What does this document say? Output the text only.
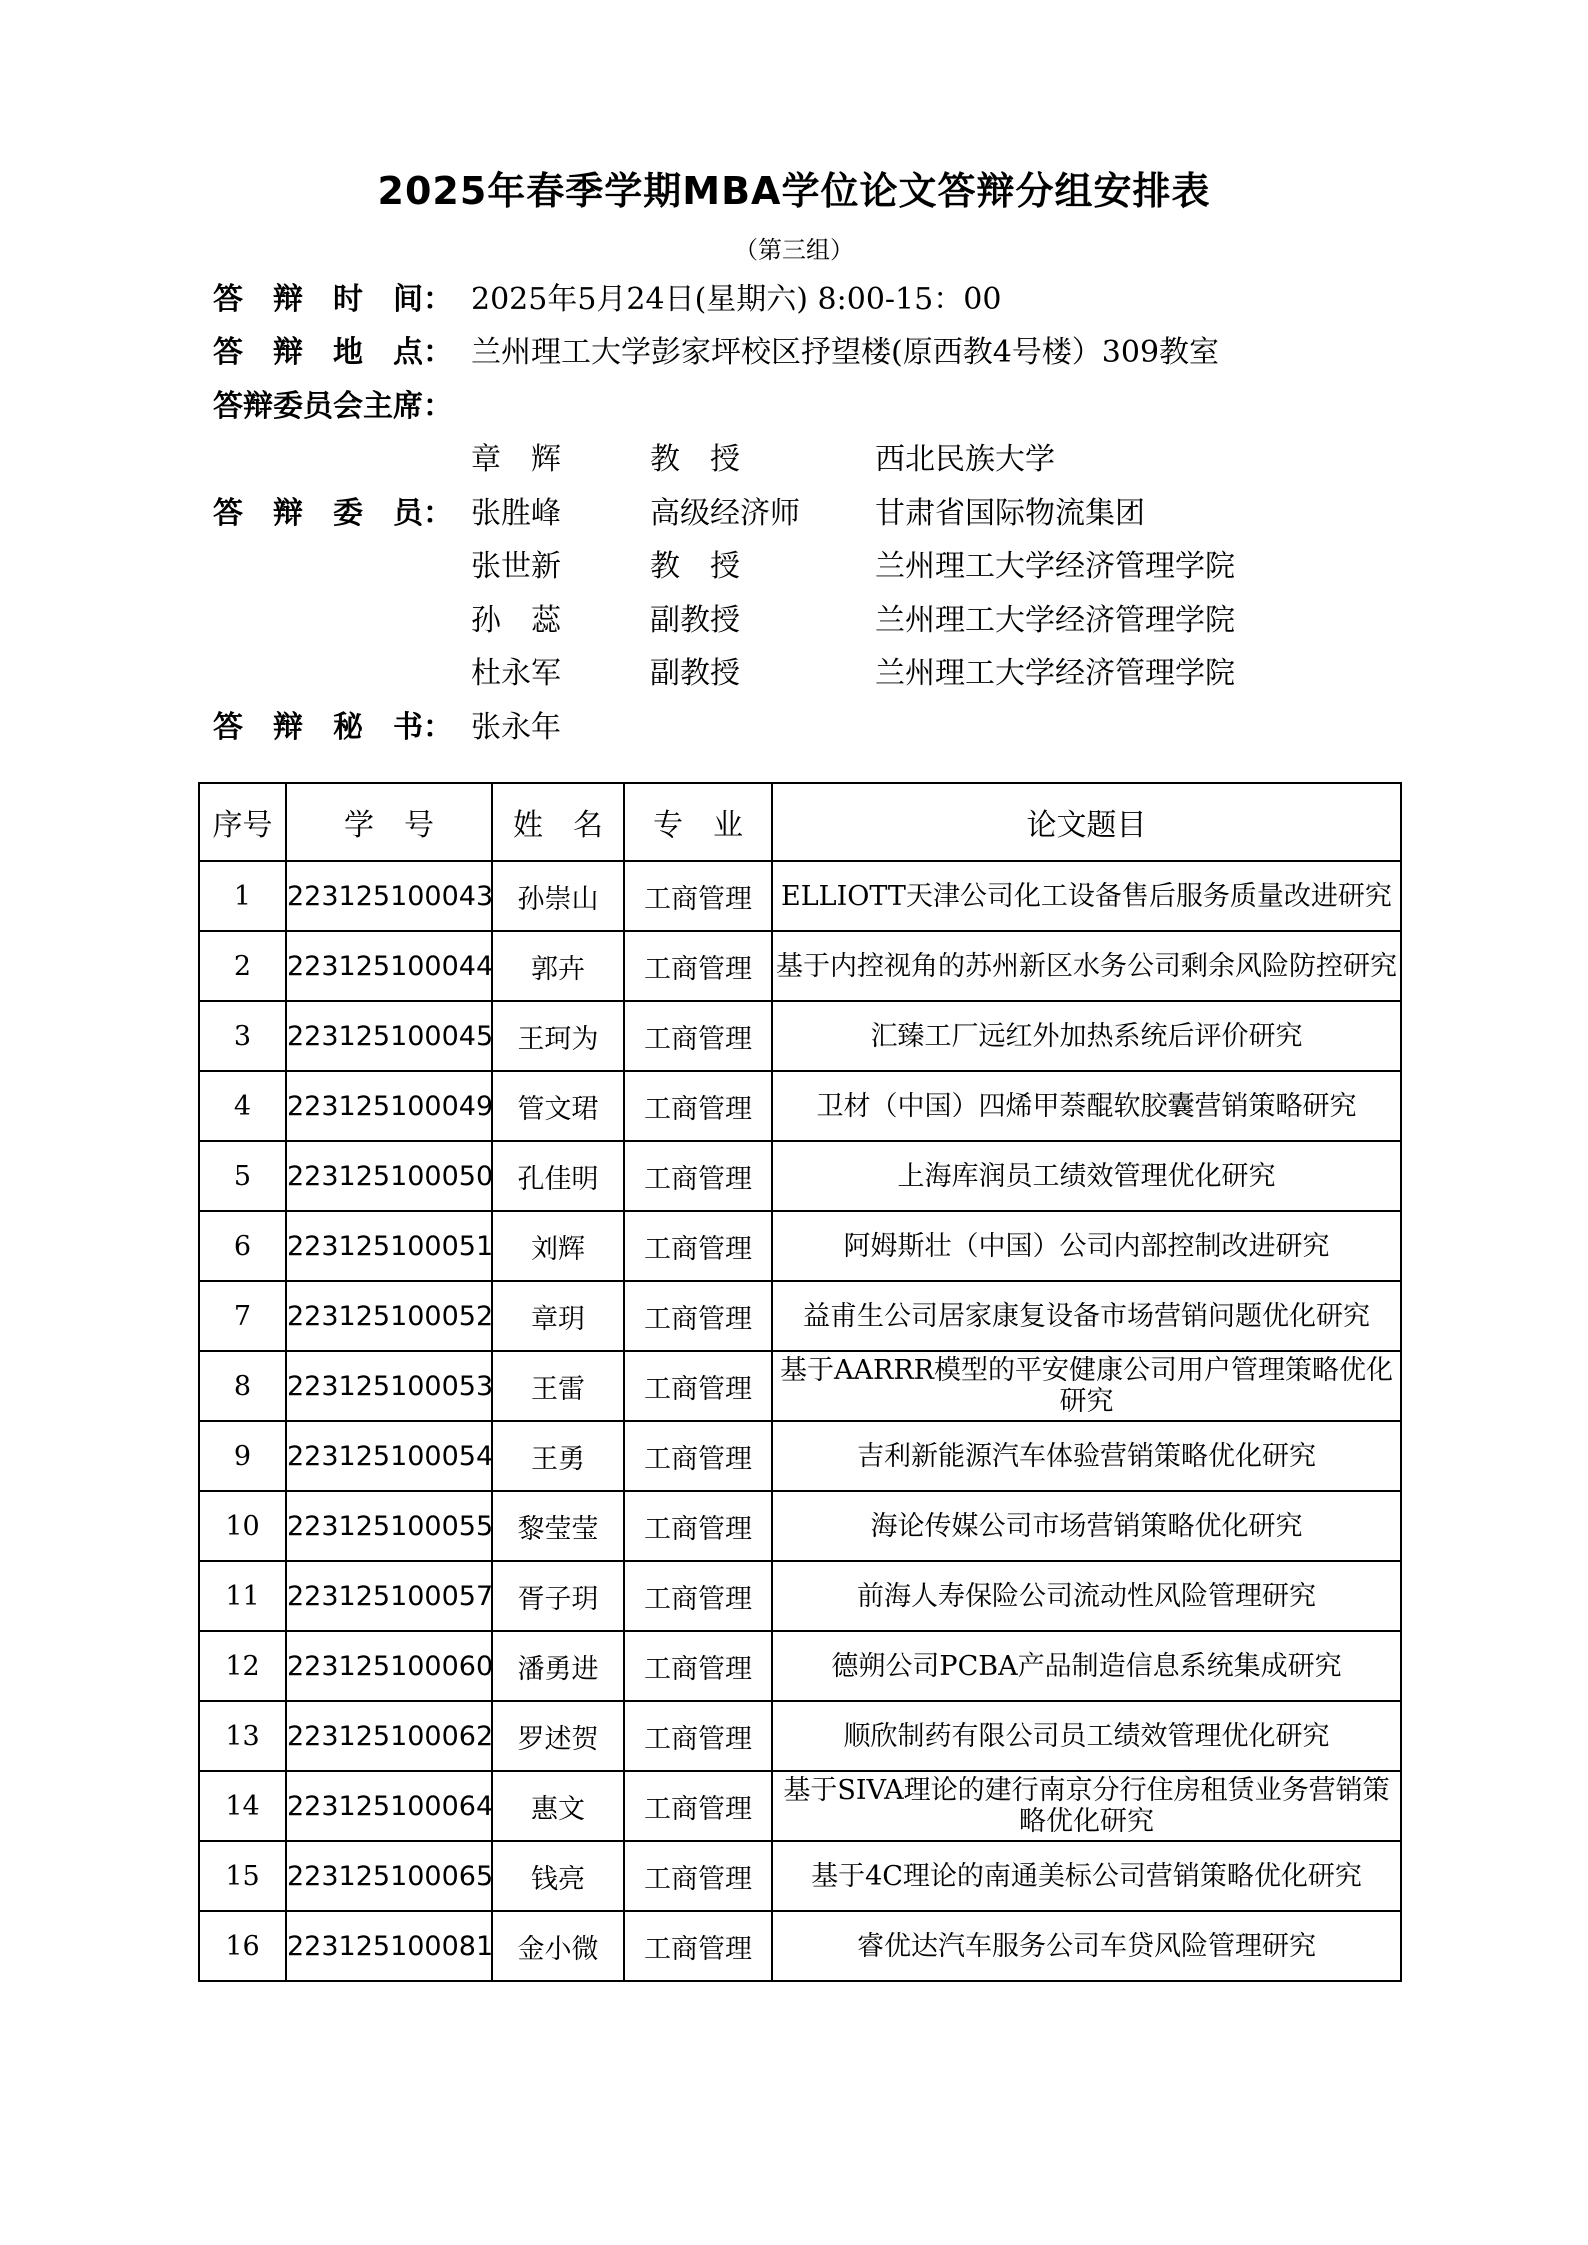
2025年春季学期MBA学位论文答辩分组安排表
（第三组）
答　辩　时　间： 2025年5月24日(星期六) 8:00-15：00
答　辩　地　点： 兰州理工大学彭家坪校区抒望楼(原西教4号楼）309教室
答辩委员会主席：
章　辉	教　授	西北民族大学
答　辩　委　员： 张胜峰	高级经济师	甘肃省国际物流集团
张世新	教　授	兰州理工大学经济管理学院
孙　蕊	副教授	兰州理工大学经济管理学院
杜永军	副教授	兰州理工大学经济管理学院
答　辩　秘　书： 张永年
序号	学　号	姓　名	专　业	论文题目
1	223125100043	孙崇山	工商管理	ELLIOTT天津公司化工设备售后服务质量改进研究
2	223125100044	郭卉	工商管理	基于内控视角的苏州新区水务公司剩余风险防控研究
3	223125100045	王珂为	工商管理	汇臻工厂远红外加热系统后评价研究
4	223125100049	管文珺	工商管理	卫材（中国）四烯甲萘醌软胶囊营销策略研究
5	223125100050	孔佳明	工商管理	上海库润员工绩效管理优化研究
6	223125100051	刘辉	工商管理	阿姆斯壮（中国）公司内部控制改进研究
7	223125100052	章玥	工商管理	益甫生公司居家康复设备市场营销问题优化研究
8	223125100053	王雷	工商管理	基于AARRR模型的平安健康公司用户管理策略优化研究
9	223125100054	王勇	工商管理	吉利新能源汽车体验营销策略优化研究
10	223125100055	黎莹莹	工商管理	海论传媒公司市场营销策略优化研究
11	223125100057	胥子玥	工商管理	前海人寿保险公司流动性风险管理研究
12	223125100060	潘勇进	工商管理	德朔公司PCBA产品制造信息系统集成研究
13	223125100062	罗述贺	工商管理	顺欣制药有限公司员工绩效管理优化研究
14	223125100064	惠文	工商管理	基于SIVA理论的建行南京分行住房租赁业务营销策略优化研究
15	223125100065	钱亮	工商管理	基于4C理论的南通美标公司营销策略优化研究
16	223125100081	金小微	工商管理	睿优达汽车服务公司车贷风险管理研究
